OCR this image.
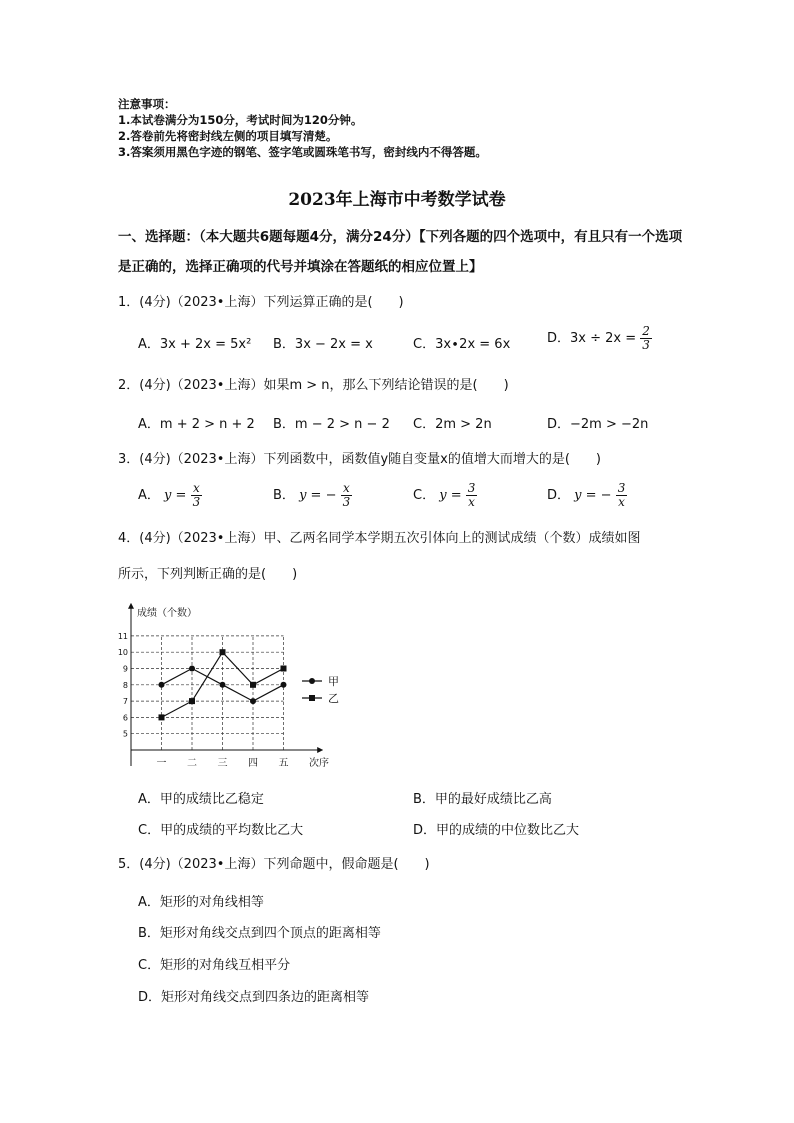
注意事项：
1.本试卷满分为150分，考试时间为120分钟。
2.答卷前先将密封线左侧的项目填写清楚。
3.答案须用黑色字迹的钢笔、签字笔或圆珠笔书写，密封线内不得答题。
2023年上海市中考数学试卷
一、选择题：（本大题共6题每题4分，满分24分）【下列各题的四个选项中，有且只有一个选项是正确的，选择正确项的代号并填涂在答题纸的相应位置上】
1．(4分)（2023•上海）下列运算正确的是(　　)
A．3x + 2x = 5x² B．3x − 2x = x	C．3x∙2x = 6x	D．$3x \div 2x = \frac{2}{3}$
2．(4分)（2023•上海）如果m > n，那么下列结论错误的是(　　)
A．m + 2 > n + 2 B．m − 2 > n − 2 C．2m > 2n	D．−2m > −2n
3．(4分)（2023•上海）下列函数中，函数值y随自变量x的值增大而增大的是(　　)
A． $y = \frac{x}{3}$	B． y = − $\frac{x}{3}$	C． $y = \frac{3}{x}$	D． y = − $\frac{3}{x}$
4．(4分)（2023•上海）甲、乙两名同学本学期五次引体向上的测试成绩（个数）成绩如图
所示，下列判断正确的是(　　)
成绩（个数）
次序
5
6
7
8
9
10
11
一 二 三 四 五
甲
乙
A．甲的成绩比乙稳定	B．甲的最好成绩比乙高
C．甲的成绩的平均数比乙大	D．甲的成绩的中位数比乙大
5．(4分)（2023•上海）下列命题中，假命题是(　　)
A．矩形的对角线相等
B．矩形对角线交点到四个顶点的距离相等
C．矩形的对角线互相平分
D．矩形对角线交点到四条边的距离相等
